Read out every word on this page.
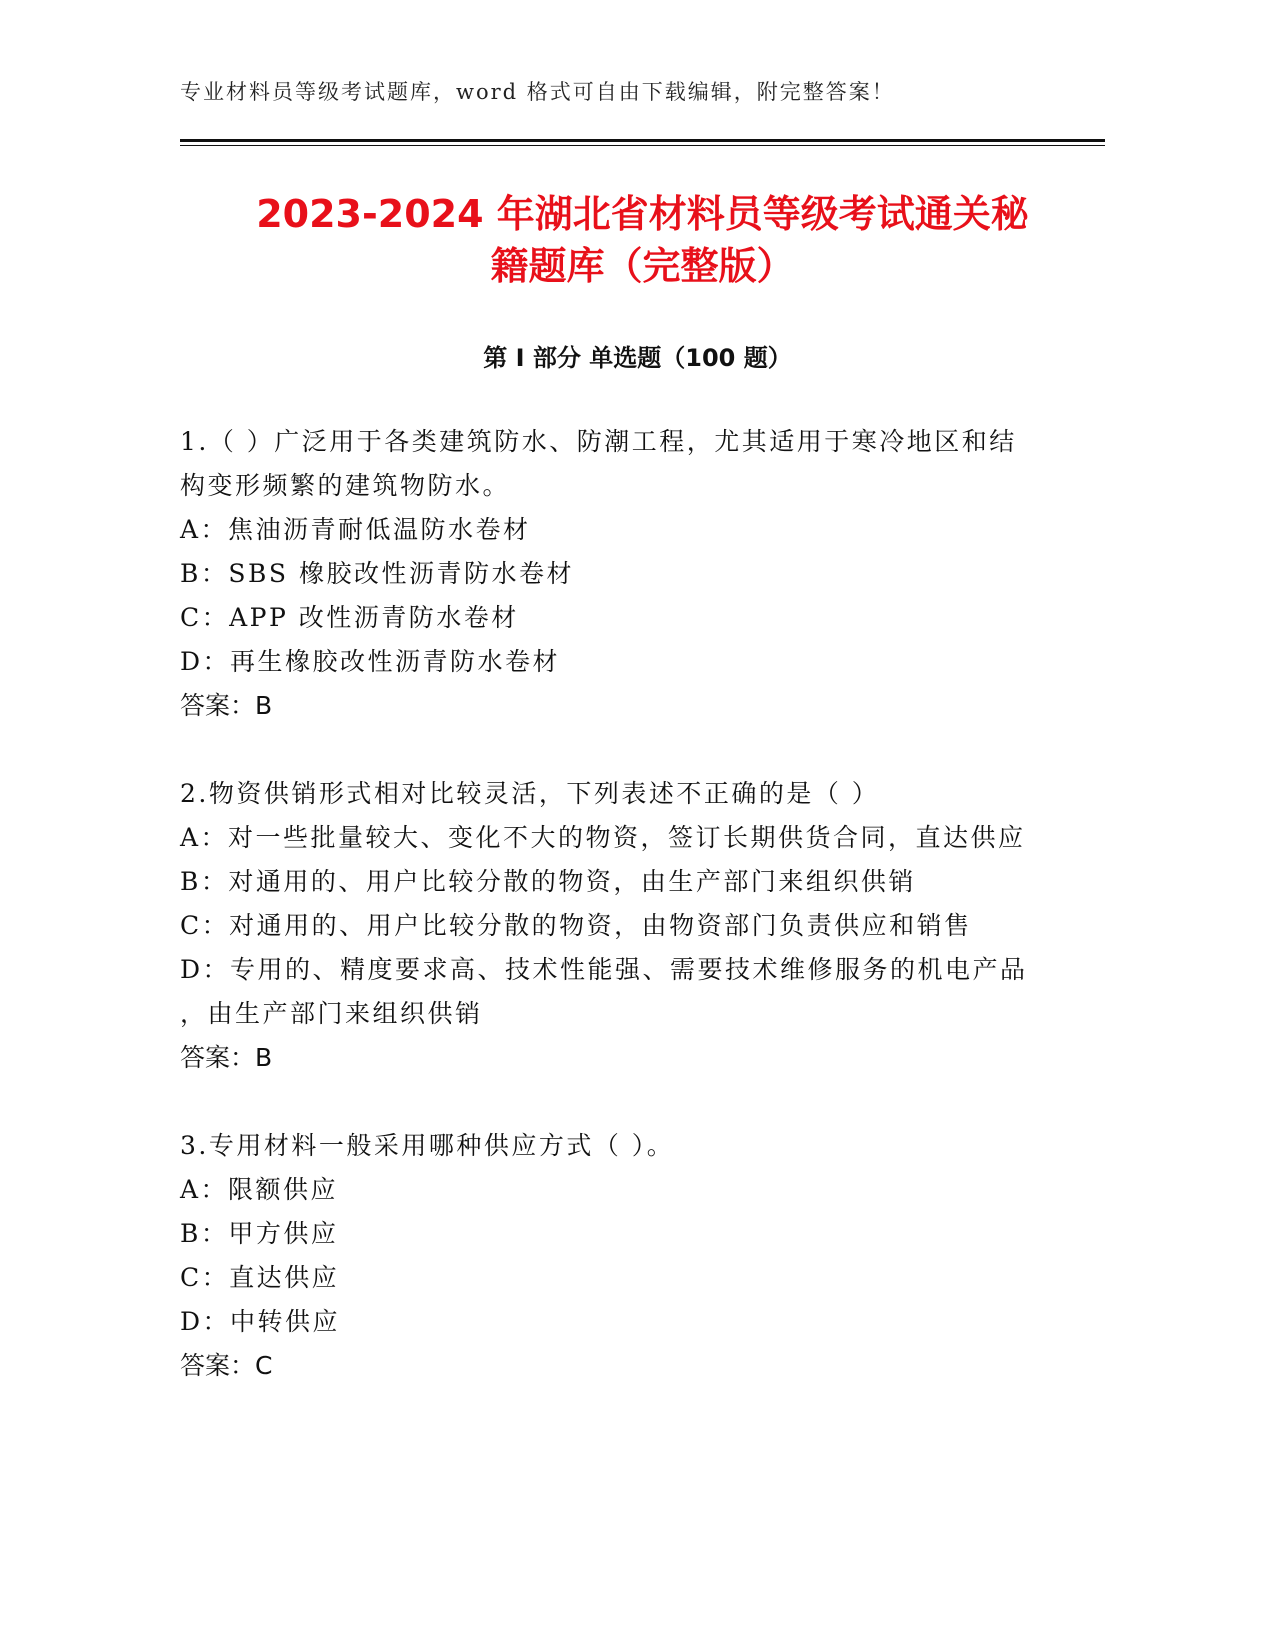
专业材料员等级考试题库，word 格式可自由下载编辑，附完整答案！
2023-2024 年湖北省材料员等级考试通关秘
籍题库（完整版）
第 I 部分 单选题（100 题）
1.（ ）广泛用于各类建筑防水、防潮工程，尤其适用于寒冷地区和结
构变形频繁的建筑物防水。
A：焦油沥青耐低温防水卷材
B：SBS 橡胶改性沥青防水卷材
C：APP 改性沥青防水卷材
D：再生橡胶改性沥青防水卷材
答案：B
2.物资供销形式相对比较灵活，下列表述不正确的是（ ）
A：对一些批量较大、变化不大的物资，签订长期供货合同，直达供应
B：对通用的、用户比较分散的物资，由生产部门来组织供销
C：对通用的、用户比较分散的物资，由物资部门负责供应和销售
D：专用的、精度要求高、技术性能强、需要技术维修服务的机电产品
，由生产部门来组织供销
答案：B
3.专用材料一般采用哪种供应方式（ ）。
A：限额供应
B：甲方供应
C：直达供应
D：中转供应
答案：C
